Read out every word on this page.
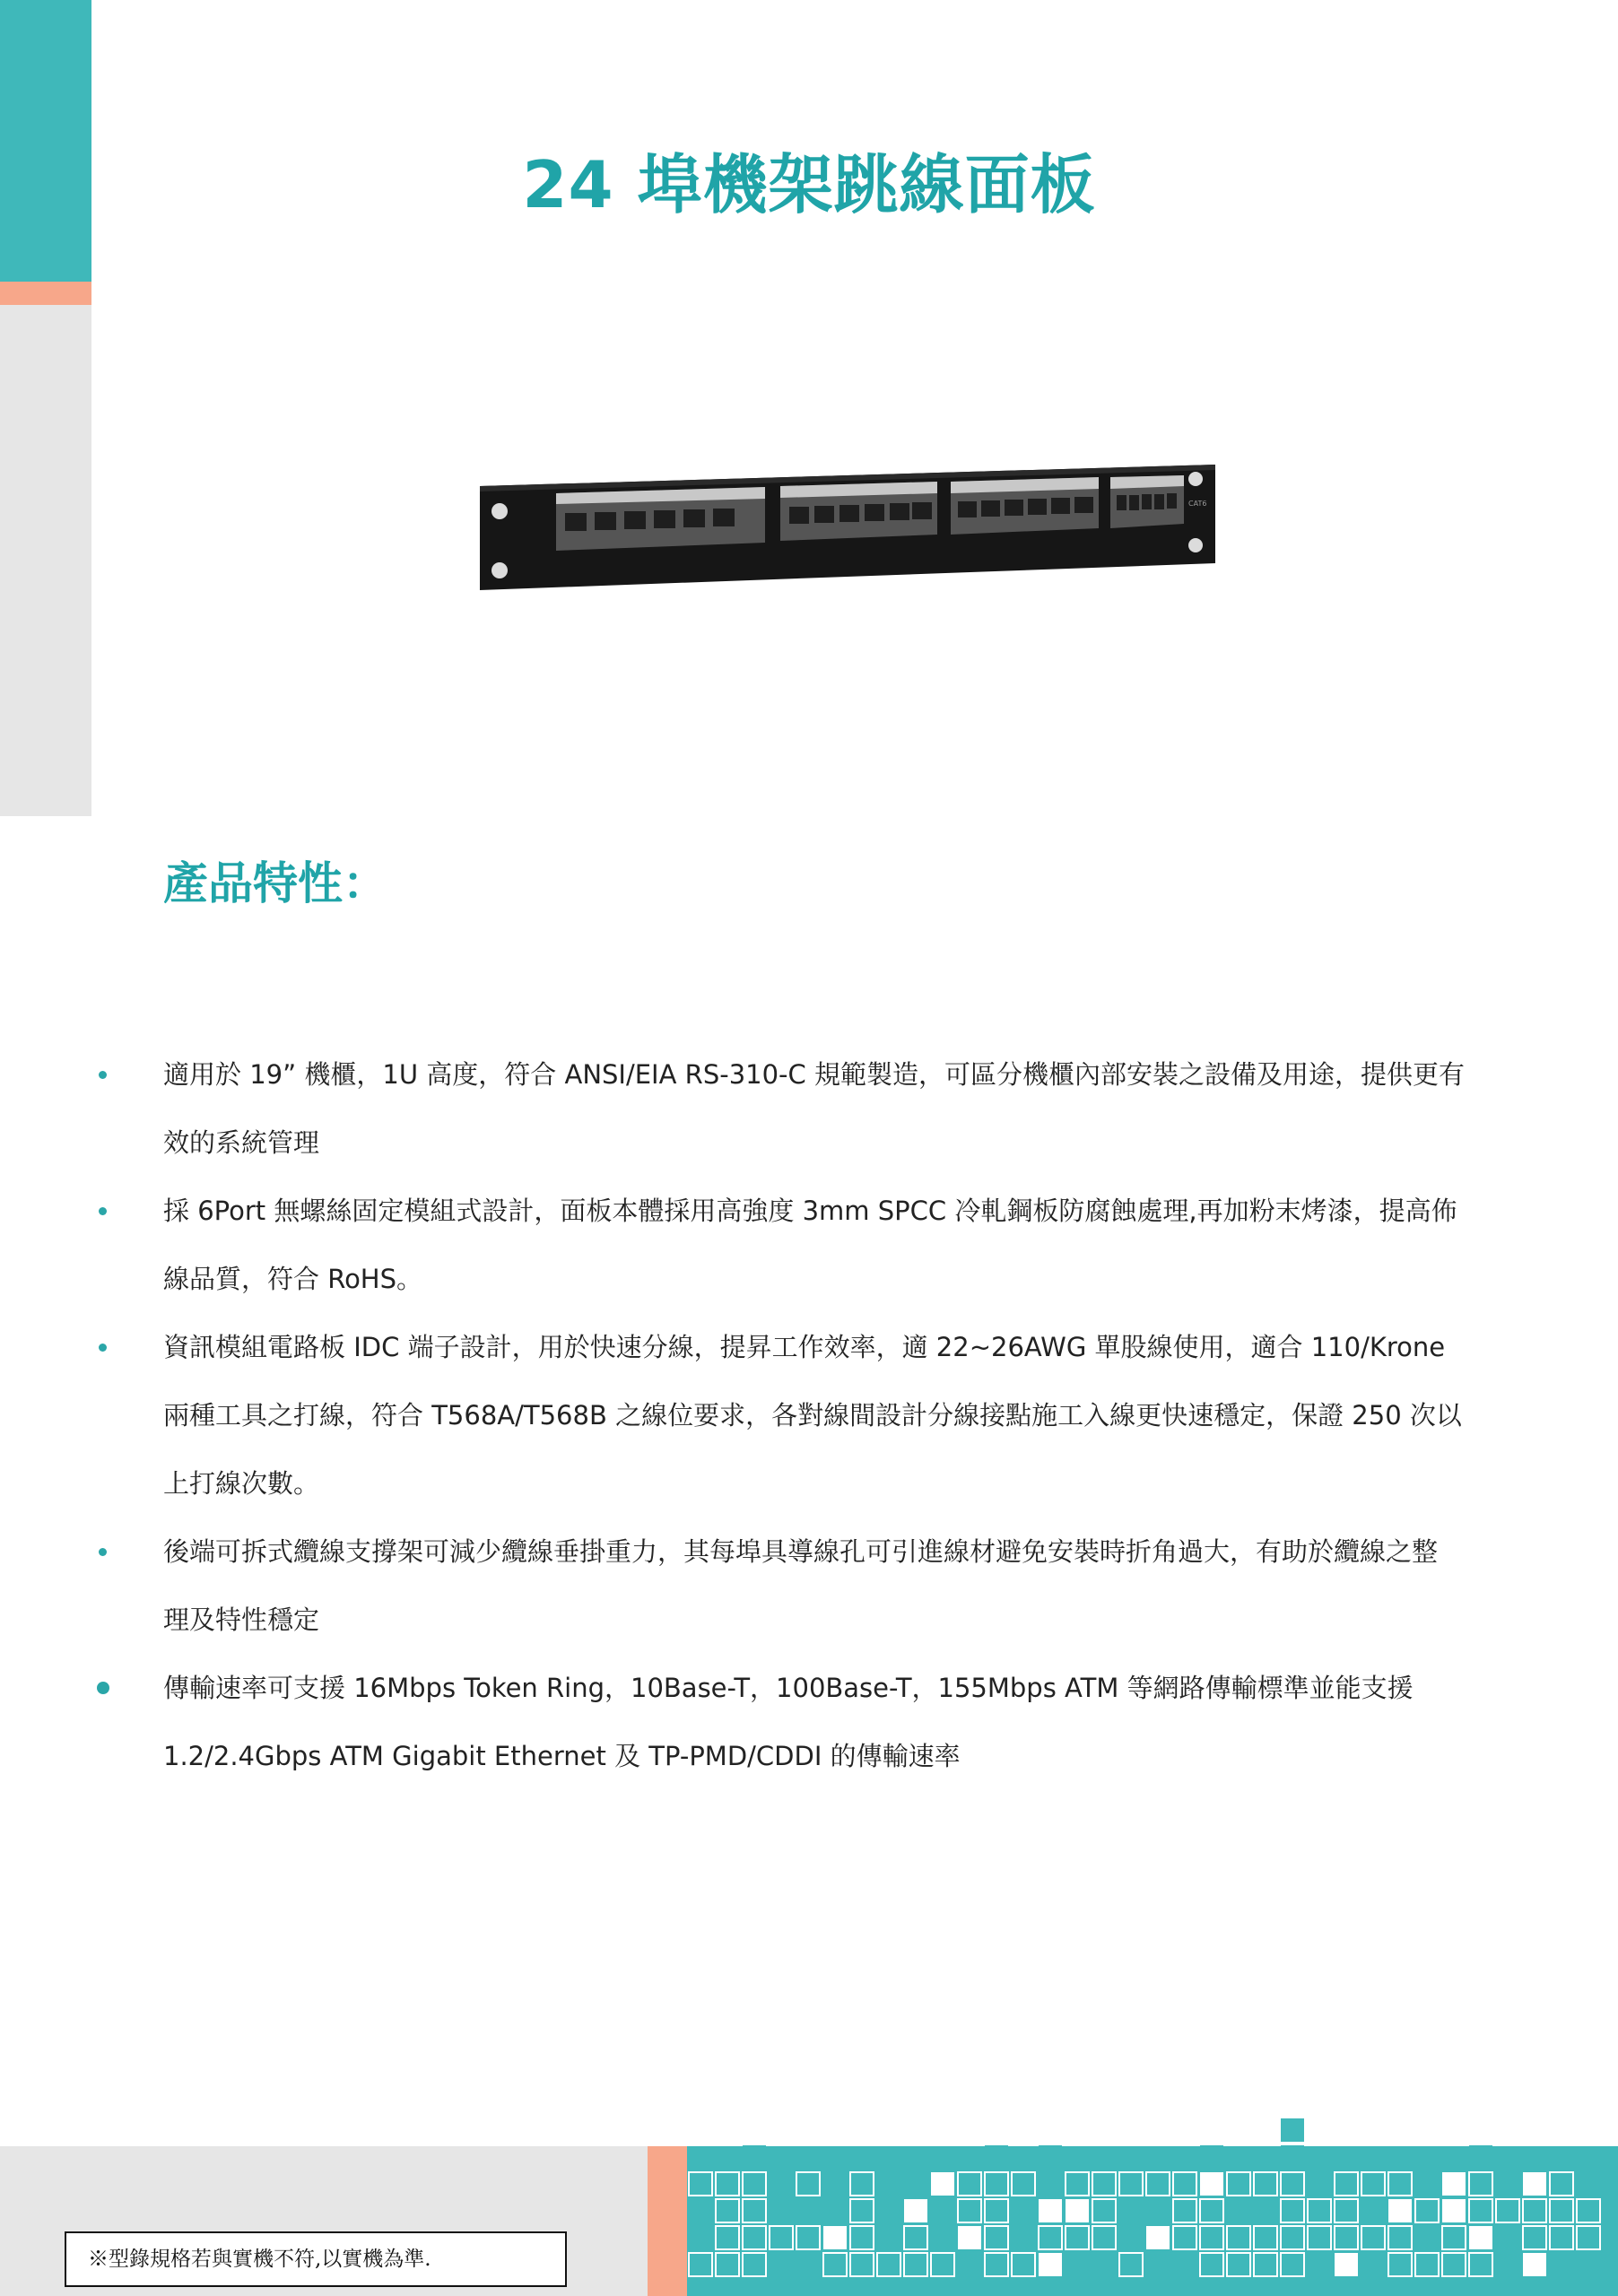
24 埠機架跳線面板
CAT6
產品特性：
適用於 19” 機櫃，1U 高度，符合 ANSI/EIA RS-310-C 規範製造，可區分機櫃內部安裝之設備及用途，提供更有
效的系統管理
採 6Port 無螺絲固定模組式設計，面板本體採用高強度 3mm SPCC 冷軋鋼板防腐蝕處理,再加粉末烤漆，提高佈
線品質，符合 RoHS。
資訊模組電路板 IDC 端子設計，用於快速分線，提昇工作效率，適 22~26AWG 單股線使用，適合 110/Krone
兩種工具之打線，符合 T568A/T568B 之線位要求，各對線間設計分線接點施工入線更快速穩定，保證 250 次以
上打線次數。
後端可拆式纜線支撐架可減少纜線垂掛重力，其每埠具導線孔可引進線材避免安裝時折角過大，有助於纜線之整
理及特性穩定
傳輸速率可支援 16Mbps Token Ring，10Base-T，100Base-T，155Mbps ATM 等網路傳輸標準並能支援
1.2/2.4Gbps ATM Gigabit Ethernet 及 TP-PMD/CDDI 的傳輸速率
※型錄規格若與實機不符,以實機為準.
